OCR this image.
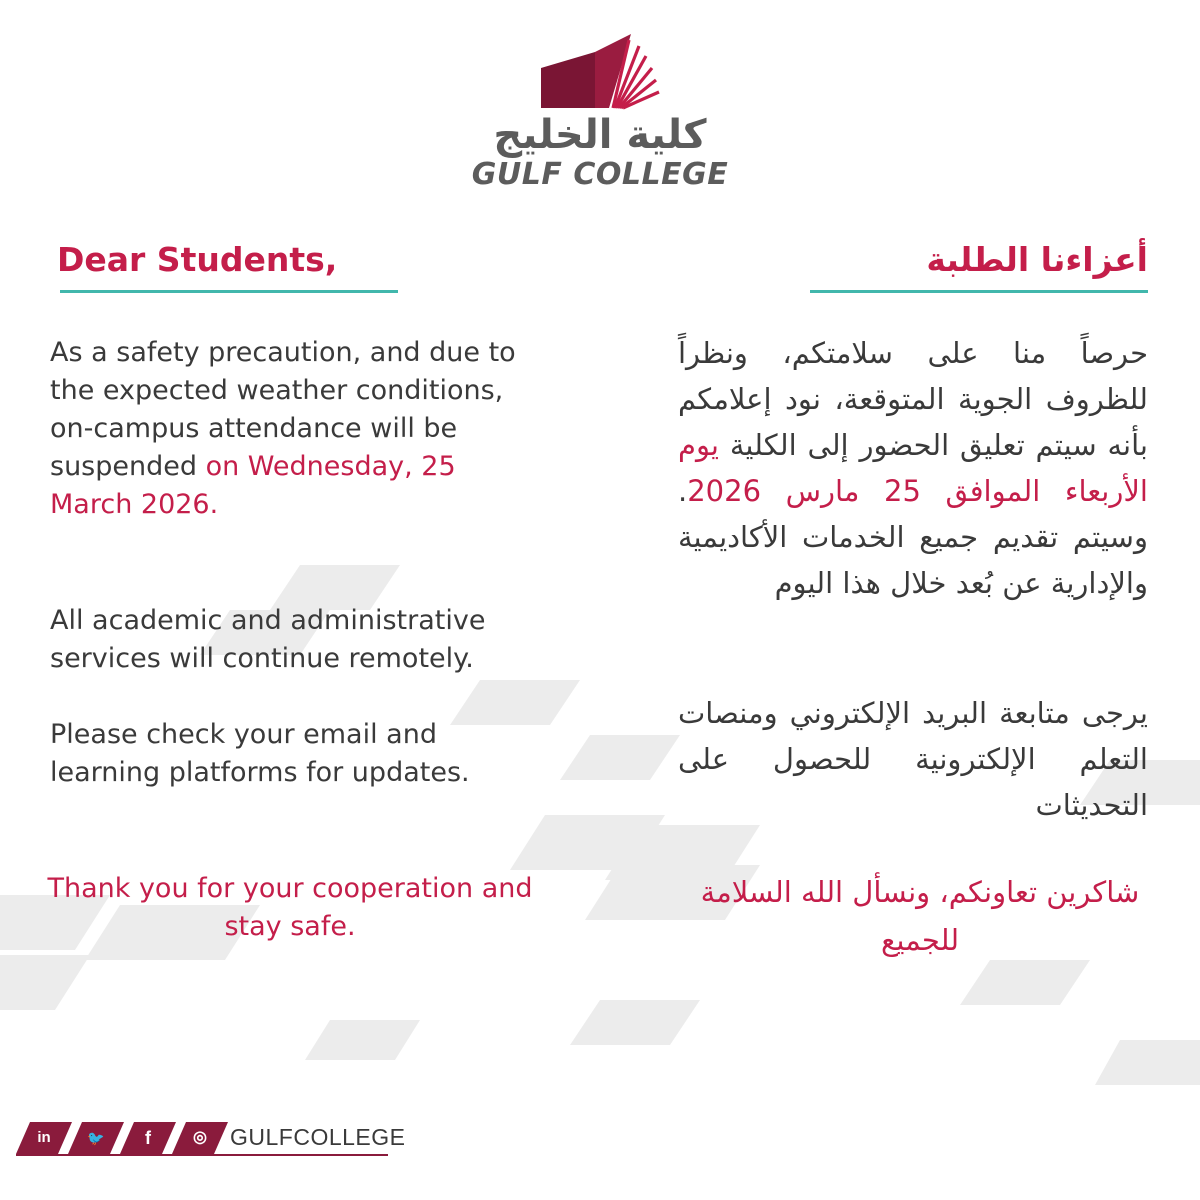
كلية الخليج
GULF COLLEGE
Dear Students,	أعزاءنا الطلبة
As a safety precaution, and due to the expected weather conditions, on-campus attendance will be suspended on Wednesday, 25 March 2026.
All academic and administrative services will continue remotely.
Please check your email and learning platforms for updates.
Thank you for your cooperation and stay safe.
حرصاً منا على سلامتكم، ونظراً للظروف الجوية المتوقعة، نود إعلامكم بأنه سيتم تعليق الحضور إلى الكلية يوم الأربعاء الموافق 25 مارس 2026. وسيتم تقديم جميع الخدمات الأكاديمية والإدارية عن بُعد خلال هذا اليوم
يرجى متابعة البريد الإلكتروني ومنصات التعلم الإلكترونية للحصول على التحديثات
شاكرين تعاونكم، ونسأل الله السلامة للجميع
in	🐦	f	◎	GULFCOLLEGE
